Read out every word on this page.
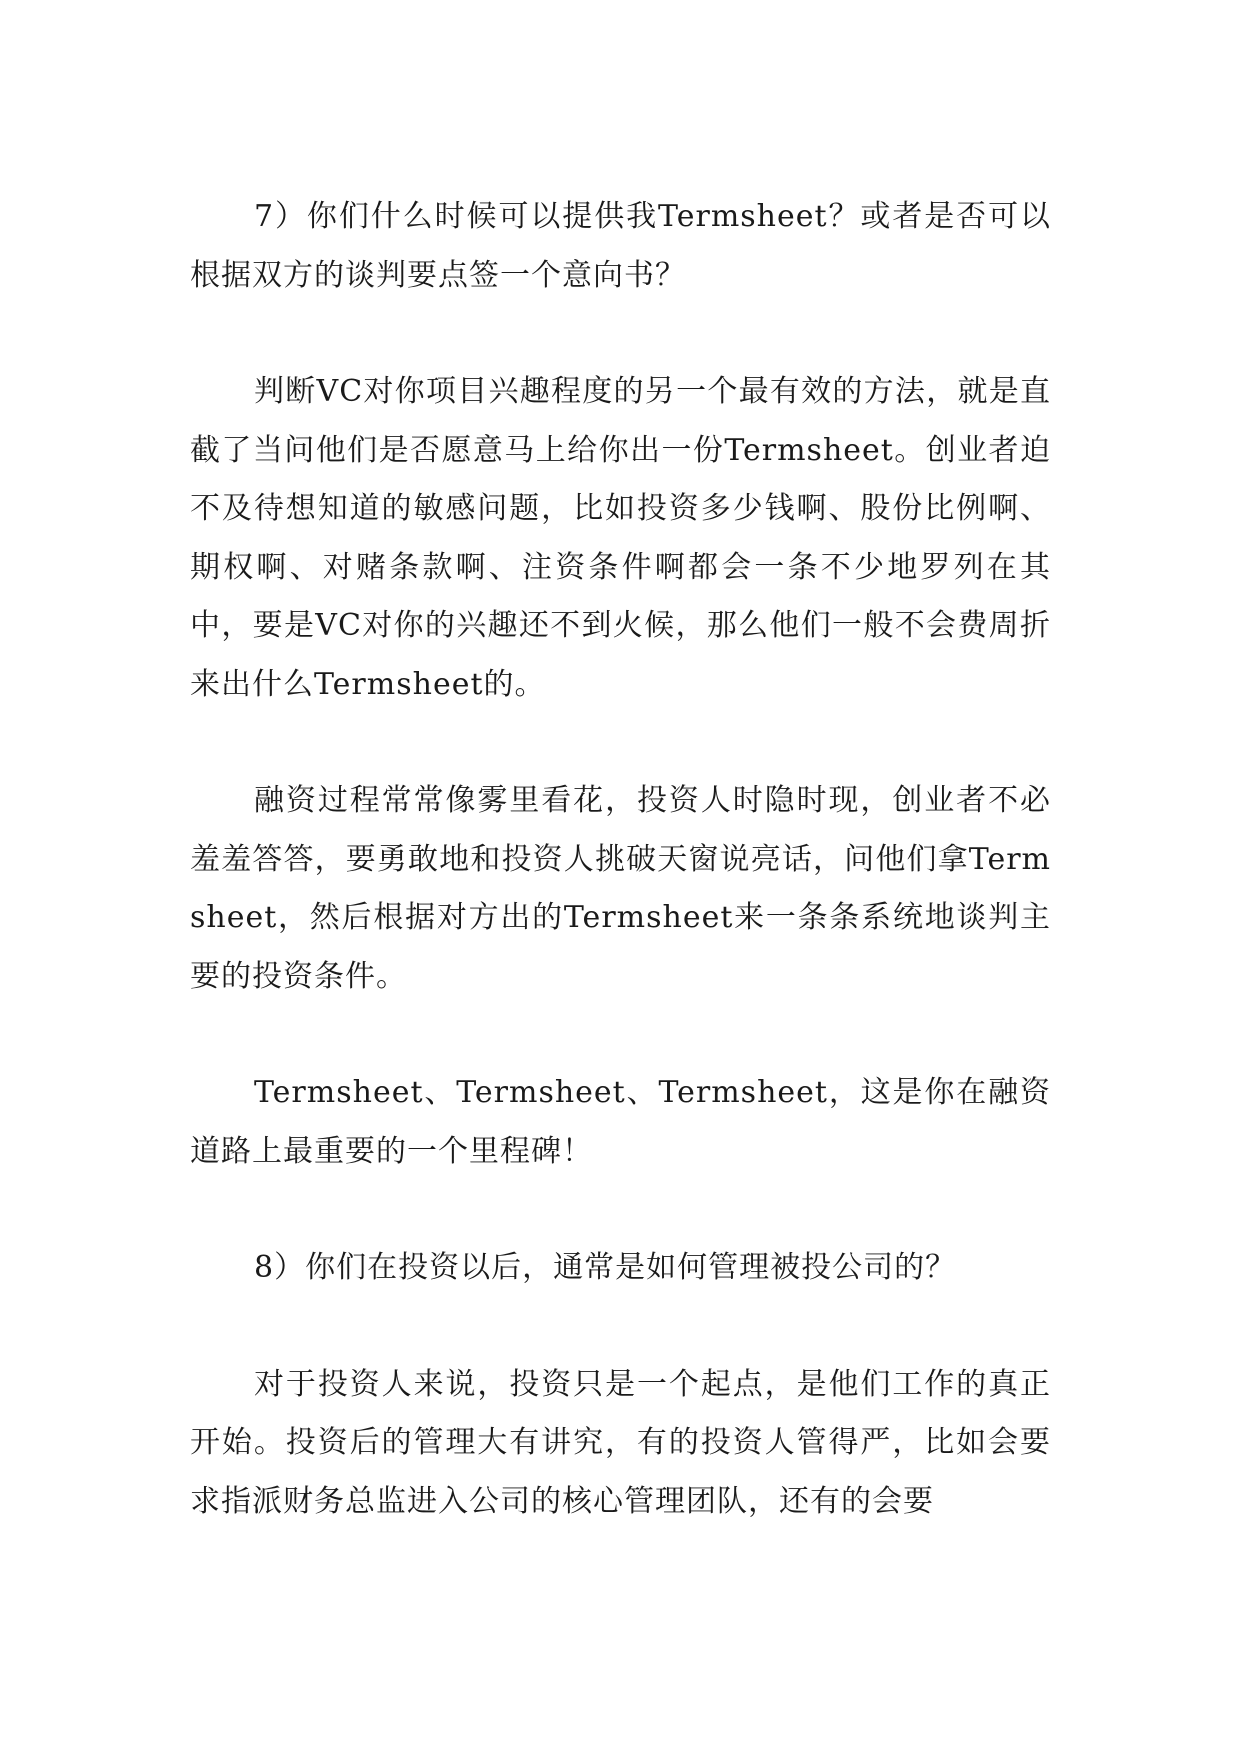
7）你们什么时候可以提供我Termsheet？或者是否可以根据双方的谈判要点签一个意向书？

判断VC对你项目兴趣程度的另一个最有效的方法，就是直截了当问他们是否愿意马上给你出一份Termsheet。创业者迫不及待想知道的敏感问题，比如投资多少钱啊、股份比例啊、期权啊、对赌条款啊、注资条件啊都会一条不少地罗列在其中，要是VC对你的兴趣还不到火候，那么他们一般不会费周折来出什么Termsheet的。

融资过程常常像雾里看花，投资人时隐时现，创业者不必羞羞答答，要勇敢地和投资人挑破天窗说亮话，问他们拿Termsheet，然后根据对方出的Termsheet来一条条系统地谈判主要的投资条件。

Termsheet、Termsheet、Termsheet，这是你在融资道路上最重要的一个里程碑！

8）你们在投资以后，通常是如何管理被投公司的？

对于投资人来说，投资只是一个起点，是他们工作的真正开始。投资后的管理大有讲究，有的投资人管得严，比如会要求指派财务总监进入公司的核心管理团队，还有的会要
